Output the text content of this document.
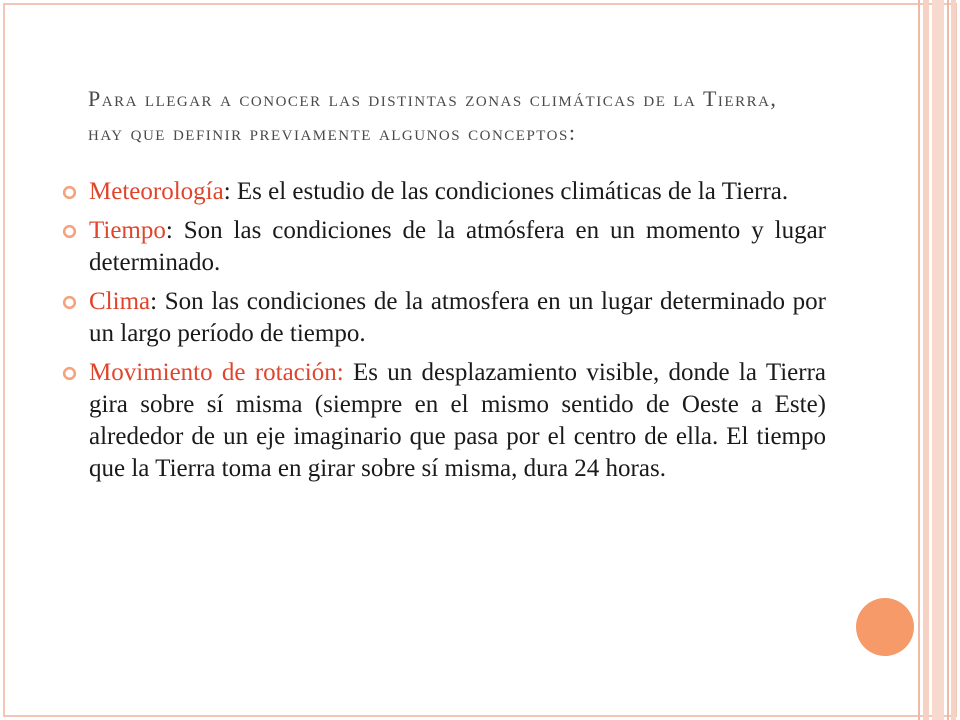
Para llegar a conocer las distintas zonas climáticas de la Tierra, hay que definir previamente algunos conceptos:
Meteorología: Es el estudio de las condiciones climáticas de la Tierra.
Tiempo: Son las condiciones de la atmósfera en un momento y lugar determinado.
Clima: Son las condiciones de la atmosfera en un lugar determinado por un largo período de tiempo.
Movimiento de rotación: Es un desplazamiento visible, donde la Tierra gira sobre sí misma (siempre en el mismo sentido de Oeste a Este) alrededor de un eje imaginario que pasa por el centro de ella. El tiempo que la Tierra toma en girar sobre sí misma, dura 24 horas.
